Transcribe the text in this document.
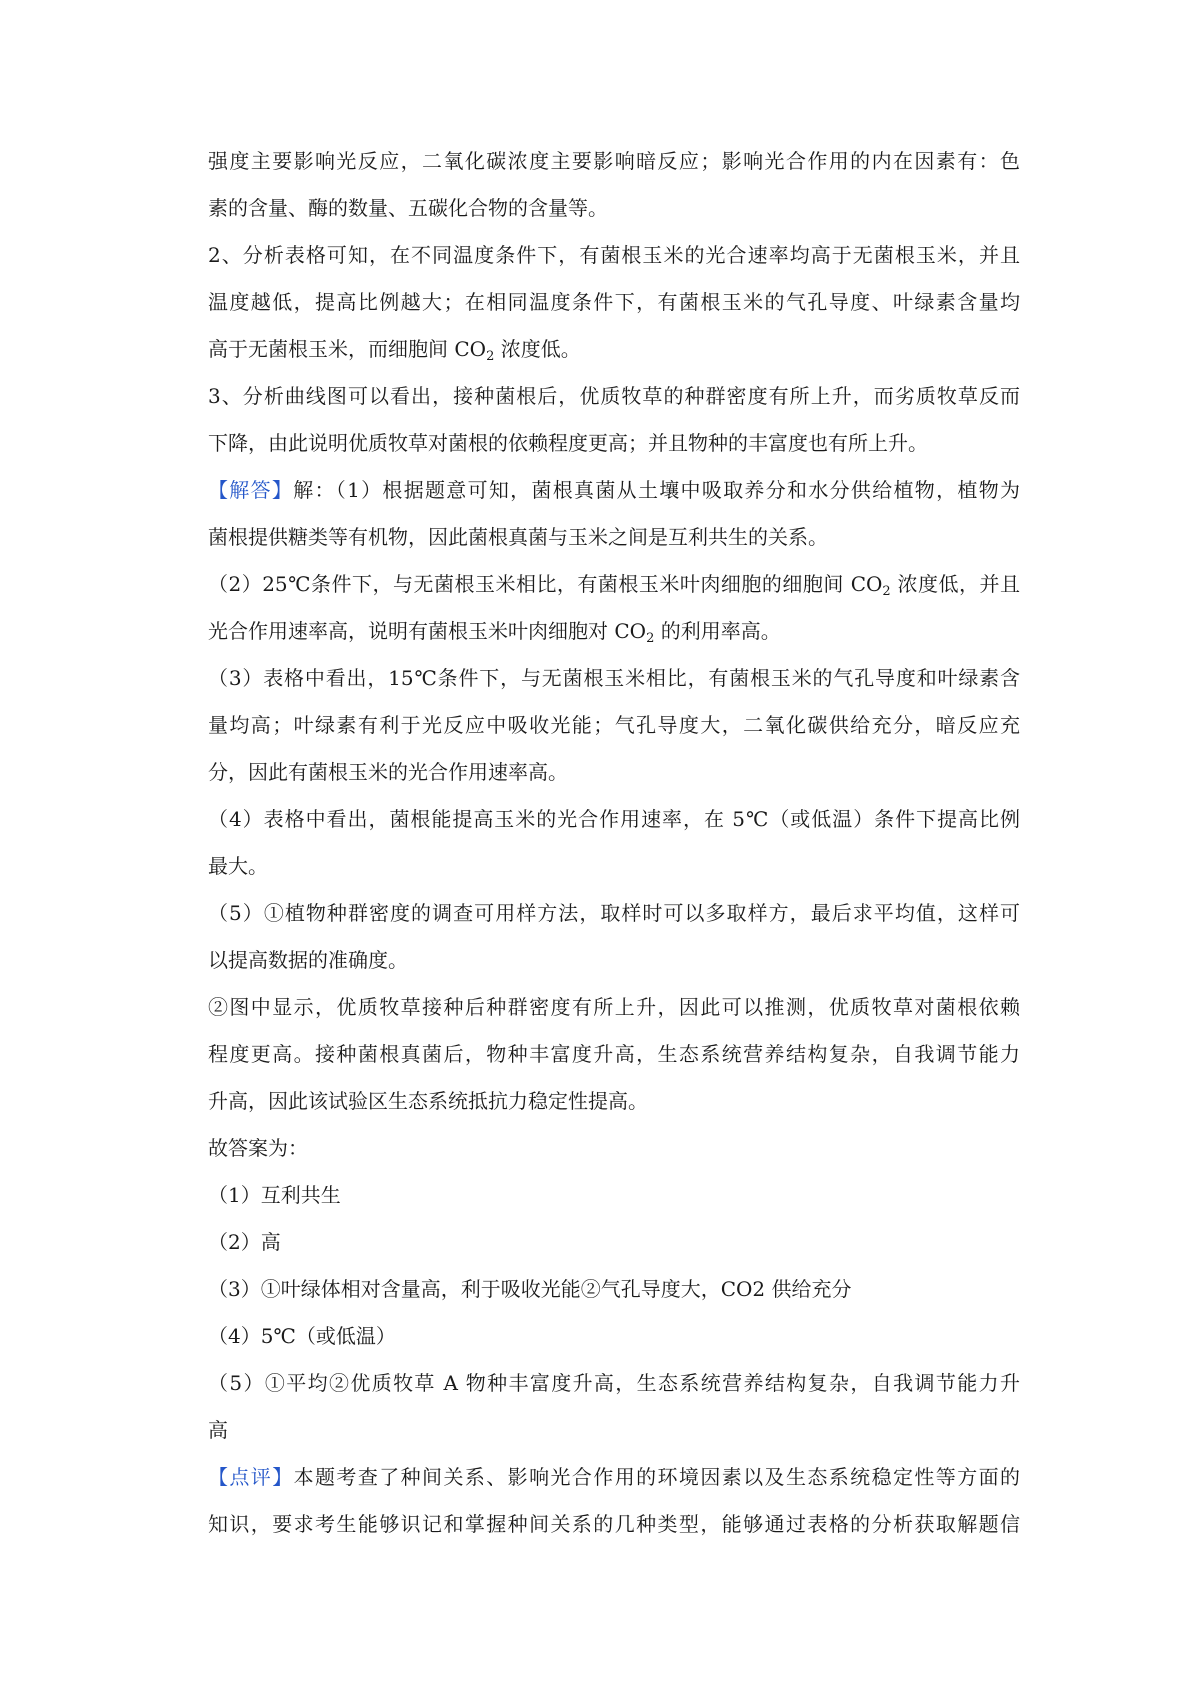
强度主要影响光反应，二氧化碳浓度主要影响暗反应；影响光合作用的内在因素有：色
素的含量、酶的数量、五碳化合物的含量等。
2、分析表格可知，在不同温度条件下，有菌根玉米的光合速率均高于无菌根玉米，并且
温度越低，提高比例越大；在相同温度条件下，有菌根玉米的气孔导度、叶绿素含量均
高于无菌根玉米，而细胞间 $CO_2$ 浓度低。
3、分析曲线图可以看出，接种菌根后，优质牧草的种群密度有所上升，而劣质牧草反而
下降，由此说明优质牧草对菌根的依赖程度更高；并且物种的丰富度也有所上升。
【解答】解：（1）根据题意可知，菌根真菌从土壤中吸取养分和水分供给植物，植物为
菌根提供糖类等有机物，因此菌根真菌与玉米之间是互利共生的关系。
（2）25℃条件下，与无菌根玉米相比，有菌根玉米叶肉细胞的细胞间 $CO_2$ 浓度低，并且
光合作用速率高，说明有菌根玉米叶肉细胞对 $CO_2$ 的利用率高。
（3）表格中看出，15℃条件下，与无菌根玉米相比，有菌根玉米的气孔导度和叶绿素含
量均高；叶绿素有利于光反应中吸收光能；气孔导度大，二氧化碳供给充分，暗反应充
分，因此有菌根玉米的光合作用速率高。
（4）表格中看出，菌根能提高玉米的光合作用速率，在 5℃（或低温）条件下提高比例
最大。
（5）①植物种群密度的调查可用样方法，取样时可以多取样方，最后求平均值，这样可
以提高数据的准确度。
②图中显示，优质牧草接种后种群密度有所上升，因此可以推测，优质牧草对菌根依赖
程度更高。接种菌根真菌后，物种丰富度升高，生态系统营养结构复杂，自我调节能力
升高，因此该试验区生态系统抵抗力稳定性提高。
故答案为：
（1）互利共生
（2）高
（3）①叶绿体相对含量高，利于吸收光能②气孔导度大，CO2 供给充分
（4）5℃（或低温）
（5）①平均②优质牧草 A 物种丰富度升高，生态系统营养结构复杂，自我调节能力升
高
【点评】本题考查了种间关系、影响光合作用的环境因素以及生态系统稳定性等方面的
知识，要求考生能够识记和掌握种间关系的几种类型，能够通过表格的分析获取解题信
